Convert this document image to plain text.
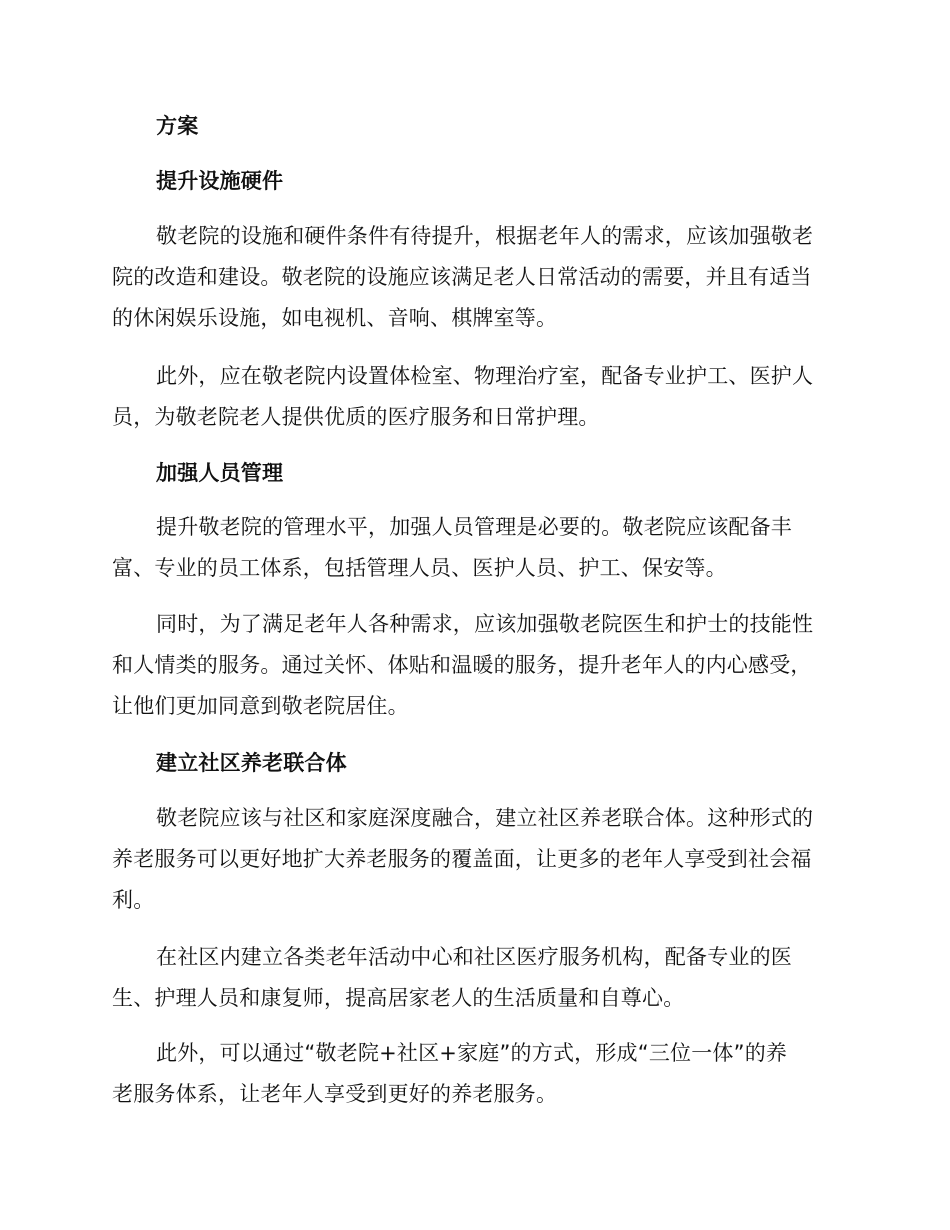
方案
提升设施硬件
敬老院的设施和硬件条件有待提升，根据老年人的需求，应该加强敬老
院的改造和建设。敬老院的设施应该满足老人日常活动的需要，并且有适当
的休闲娱乐设施，如电视机、音响、棋牌室等。
此外，应在敬老院内设置体检室、物理治疗室，配备专业护工、医护人
员，为敬老院老人提供优质的医疗服务和日常护理。
加强人员管理
提升敬老院的管理水平，加强人员管理是必要的。敬老院应该配备丰
富、专业的员工体系，包括管理人员、医护人员、护工、保安等。
同时，为了满足老年人各种需求，应该加强敬老院医生和护士的技能性
和人情类的服务。通过关怀、体贴和温暖的服务，提升老年人的内心感受，
让他们更加同意到敬老院居住。
建立社区养老联合体
敬老院应该与社区和家庭深度融合，建立社区养老联合体。这种形式的
养老服务可以更好地扩大养老服务的覆盖面，让更多的老年人享受到社会福
利。
在社区内建立各类老年活动中心和社区医疗服务机构，配备专业的医
生、护理人员和康复师，提高居家老人的生活质量和自尊心。
此外，可以通过“敬老院+社区+家庭”的方式，形成“三位一体”的养
老服务体系，让老年人享受到更好的养老服务。
